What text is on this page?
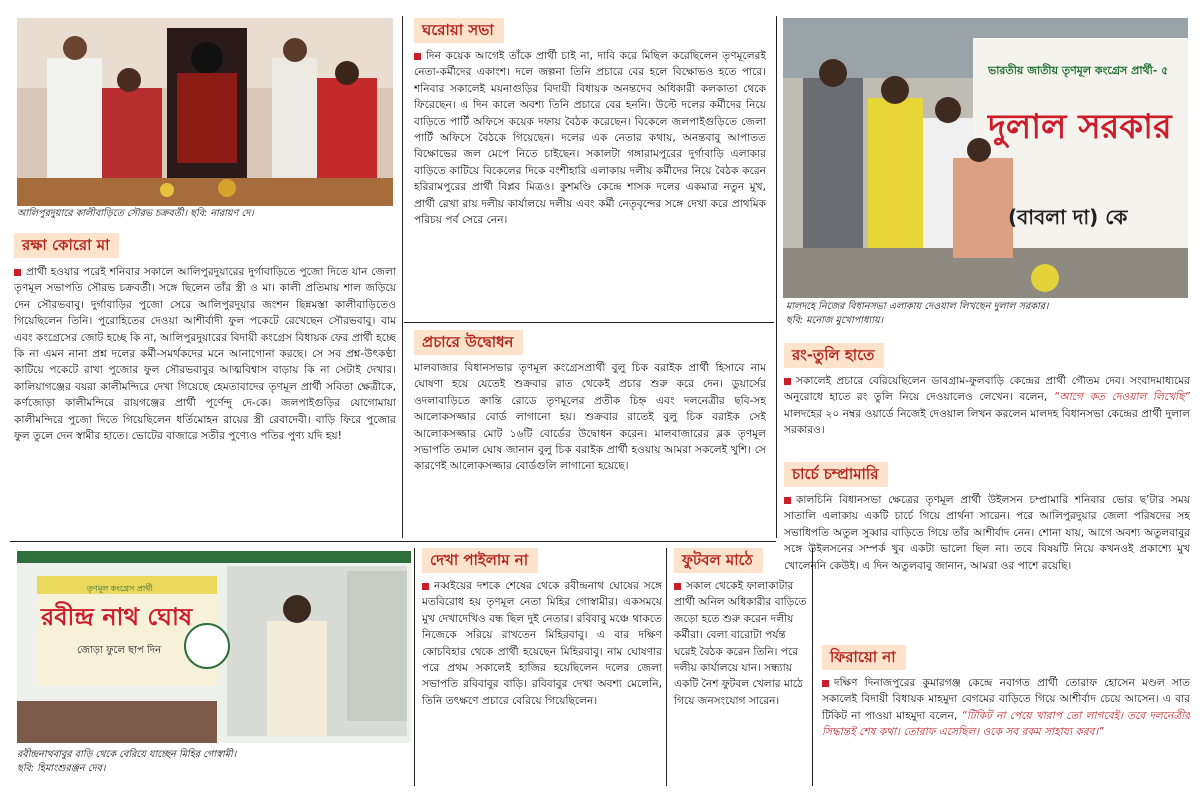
ভারতীয় জাতীয় তৃণমূল কংগ্রেস প্রার্থী- ৫
দুলাল সরকার
(বাবলা দা) কে
তৃণমূল কংগ্রেস প্রার্থী
রবীন্দ্র নাথ ঘোষ
জোড়া ফুলে ছাপ দিন
আলিপুরদুয়ারে কালীবাড়িতে সৌরভ চক্রবর্তী। ছবি: নারায়ণ দে।
রক্ষা কোরো মা

প্রার্থী হওয়ার পরেই শনিবার সকালে আলিপুরদুয়ারের দুর্গাবাড়িতে পুজো দিতে যান জেলা তৃণমূল সভাপতি সৌরভ চক্রবর্তী। সঙ্গে ছিলেন তাঁর স্ত্রী ও মা। কালী প্রতিমায় শাল জড়িয়ে দেন সৌরভবাবু। দুর্গাবাড়ির পুজো সেরে আলিপুরদুয়ার জংশন ছিন্নমস্তা কালীবাড়িতেও গিয়েছিলেন তিনি। পুরোহিতের দেওয়া আশীর্বাদী ফুল পকেটে রেখেছেন সৌরভবাবু। বাম এবং কংগ্রেসের জোট হচ্ছে কি না, আলিপুরদুয়ারের বিদায়ী কংগ্রেস বিধায়ক ফের প্রার্থী হচ্ছে কি না এমন নানা প্রশ্ন দলের কর্মী-সমর্থকদের মনে আনাগোনা করছে। সে সব প্রশ্ন-উৎকণ্ঠা কাটিয়ে পকেটে রাখা পুজোর ফুল সৌরভবাবুর আত্মবিশ্বাস বাড়ায় কি না সেটাই দেখার। কালিয়াগঞ্জের বয়রা কালীমন্দিরে দেখা গিয়েছে হেমতাবাদের তৃণমূল প্রার্থী সবিতা ক্ষেত্রীকে, কর্ণজোড়া কালীমন্দিরে রায়গঞ্জের প্রার্থী পূর্ণেন্দু দে-কে। জলপাইগুড়ির যোগোমায়া কালীমন্দিরে পুজো দিতে গিয়েছিলেন ধর্তিমোহন রায়ের স্ত্রী রেবাদেবী। বাড়ি ফিরে পুজোর ফুল তুলে দেন স্বামীর হাতে। ভোটের বাজারে সতীর পুণ্যেও পতির পুণ্য যদি হয়!

ঘরোয়া সভা

দিন কয়েক আগেই তাঁকে প্রার্থী চাই না, দাবি করে মিছিল করেছিলেন তৃণমূলেরই নেতা-কর্মীদের একাংশ। দলে জল্পনা তিনি প্রচারে বের হলে বিক্ষোভও হতে পারে। শনিবার সকালেই ময়নাগুড়ির বিদায়ী বিধায়ক অনন্তদেব অধিকারী কলকাতা থেকে ফিরেছেন। এ দিন কালে অবশ্য তিনি প্রচারে বের হননি। উল্টে দলের কর্মীদের নিয়ে বাড়িতে পার্টি অফিসে কয়েক দফায় বৈঠক করেছেন। বিকেলে জলপাইগুড়িতে জেলা পার্টি অফিসে বৈঠকে গিয়েছেন। দলের এক নেতার কথায়, অনন্তবাবু আপাতত বিক্ষোভের জল মেপে নিতে চাইছেন। সকালটা গঙ্গারামপুরের দুর্গাবাড়ি এলাকার বাড়িতে কাটিয়ে বিকেলের দিকে বংশীহারি এলাকায় দলীয় কর্মীদের নিয়ে বৈঠক করেন হরিরামপুরের প্রার্থী বিপ্লব মিত্রও। কুশমণ্ডি কেন্দ্রে শাসক দলের একমাত্র নতুন মুখ, প্রার্থী রেখা রায় দলীয় কার্যালয়ে দলীয় এবং কর্মী নেতৃবৃন্দের সঙ্গে দেখা করে প্রাথমিক পরিচয় পর্ব সেরে নেন।

প্রচারে উদ্বোধন

মালবাজার বিধানসভার তৃণমূল কংগ্রেসপ্রার্থী বুলু চিক বরাইক প্রার্থী হিসাবে নাম ঘোষণা হয়ে যেতেই শুক্রবার রাত থেকেই প্রচার শুরু করে দেন। ডুয়ার্সের ওদলাবাড়িতে ক্রান্তি রোডে তৃণমূলের প্রতীক চিহ্ন এবং দলনেত্রীর ছবি-সহ আলোকসজ্জার বোর্ড লাগানো হয়। শুক্রবার রাতেই বুলু চিক বরাইক সেই আলোকসজ্জার মোট ১৬টি বোর্ডের উদ্বোধন করেন। মালবাজারের ব্লক তৃণমূল সভাপতি তমাল ঘোষ জানান বুলু চিক বরাইক প্রার্থী হওয়ায় আমরা সকলেই খুশি। সে কারণেই আলোকসজ্জার বোর্ডগুলি লাগানো হয়েছে।

মালদহে নিজের বিধানসভা এলাকায় দেওয়াল লিখছেন দুলাল সরকার।
ছবি: মনোজ মুখোপাধ্যায়।
রং-তুলি হাতে

সকালেই প্রচারে বেরিয়েছিলেন ডাবগ্রাম-ফুলবাড়ি কেন্দ্রের প্রার্থী গৌতম দেব। সংবাদমাধ্যমের অনুরোধে হাতে রং তুলি নিয়ে দেওয়ালেও লেখেন। বলেন, “আগে কত দেওয়াল লিখেছি” মালদহের ২০ নম্বর ওয়ার্ডে নিজেই দেওয়াল লিখন করলেন মালদহ বিধানসভা কেন্দ্রের প্রার্থী দুলাল সরকারও।

চার্চে চম্প্রামারি

কালচিনি বিধানসভা ক্ষেত্রের তৃণমূল প্রার্থী উইলসন চম্প্রামারি শনিবার ভোর ছ’টার সময় সাতালি এলাকায় একটি চার্চে গিয়ে প্রার্থনা সারেন। পরে আলিপুরদুয়ার জেলা পরিষদের সহ সভাধিপতি অতুল সুব্বার বাড়িতে গিয়ে তাঁর আশীর্বাদ নেন। শোনা যায়, আগে অবশ্য অতুলবাবুর সঙ্গে উইলসনের সম্পর্ক খুব একটা ভালো ছিল না। তবে বিষয়টি নিয়ে কখনওই প্রকাশ্যে মুখ খোলেননি কেউই। এ দিন অতুলবাবু জানান, আমরা ওর পাশে রয়েছি।

ফিরায়ো না

দক্ষিণ দিনাজপুরের কুমারগঞ্জ কেন্দ্রে নবাগত প্রার্থী তোরাফ হোসেন মণ্ডল সাত সকালেই বিদায়ী বিধায়ক মাহমুদা বেগমের বাড়িতে গিয়ে আশীর্বাদ চেয়ে আসেন। এ বার টিকিট না পাওয়া মাহমুদা বলেন, “টিকিট না পেয়ে খারাপ তো লাগবেই। তবে দলনেত্রীর সিদ্ধান্তই শেষ কথা। তোরাফ এসেছিল। ওকে সব রকম সাহায্য করব।”

রবীন্দ্রনাথবাবুর বাড়ি থেকে বেরিয়ে যাচ্ছেন মিহির গোস্বামী।
ছবি: হিমাংশুরঞ্জন দেব।
দেখা পাইলাম না

নব্বইয়ের দশকে শেষের থেকে রবীন্দ্রনাথ ঘোষের সঙ্গে মতবিরোধ হয় তৃণমূল নেতা মিহির গোস্বামীর। একসময়ে মুখ দেখাদেখিও বন্ধ ছিল দুই নেতার। রবিবাবু মঞ্চে থাকতে নিজেকে সরিয়ে রাখতেন মিহিরবাবু। এ বার দক্ষিণ কোচবিহার থেকে প্রার্থী হয়েছেন মিহিরবাবু। নাম ঘোষণার পরে প্রথম সকালেই হাজির হয়েছিলেন দলের জেলা সভাপতি রবিবাবুর বাড়ি। রবিবাবুর দেখা অবশ্য মেলেনি, তিনি তৎক্ষণে প্রচারে বেরিয়ে গিয়েছিলেন।

ফুটবল মাঠে

সকাল থেকেই ফালাকাটার প্রার্থী অনিল অধিকারীর বাড়িতে জড়ো হতে শুরু করেন দলীয় কর্মীরা। বেলা বারোটা পর্যন্ত ঘরেই বৈঠক করেন তিনি। পরে দলীয় কার্যালয়ে যান। সন্ধ্যায় একটি নৈশ ফুটবল খেলার মাঠে গিয়ে জনসংযোগ সারেন।
